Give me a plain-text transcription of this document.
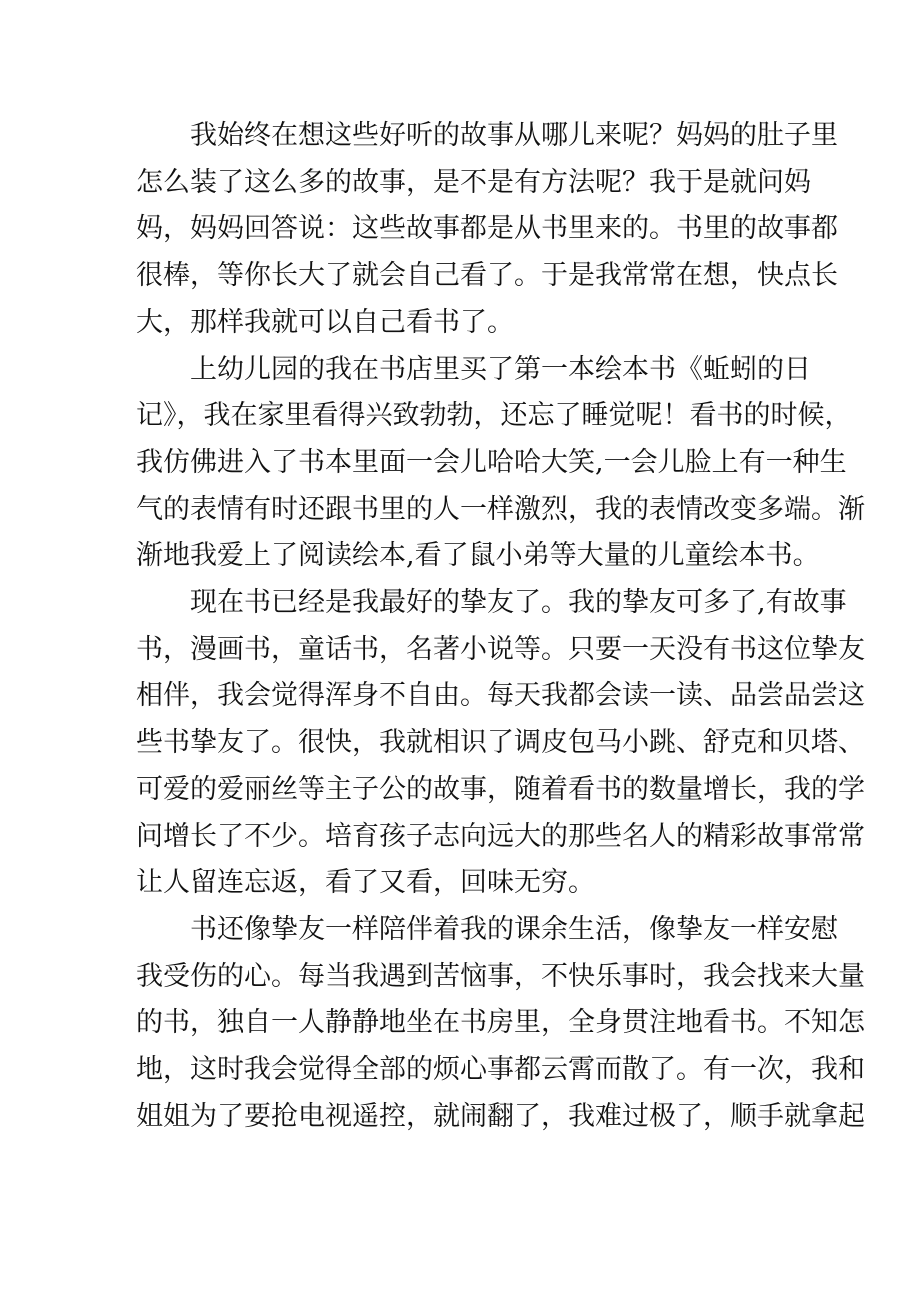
我始终在想这些好听的故事从哪儿来呢？妈妈的肚子里
怎么装了这么多的故事，是不是有方法呢？我于是就问妈
妈，妈妈回答说：这些故事都是从书里来的。书里的故事都
很棒，等你长大了就会自己看了。于是我常常在想，快点长
大，那样我就可以自己看书了。

上幼儿园的我在书店里买了第一本绘本书《蚯蚓的日
记》，我在家里看得兴致勃勃，还忘了睡觉呢！看书的时候，
我仿佛进入了书本里面一会儿哈哈大笑,一会儿脸上有一种生
气的表情有时还跟书里的人一样激烈，我的表情改变多端。渐
渐地我爱上了阅读绘本,看了鼠小弟等大量的儿童绘本书。

现在书已经是我最好的挚友了。我的挚友可多了,有故事
书，漫画书，童话书，名著小说等。只要一天没有书这位挚友
相伴，我会觉得浑身不自由。每天我都会读一读、品尝品尝这
些书挚友了。很快，我就相识了调皮包马小跳、舒克和贝塔、
可爱的爱丽丝等主子公的故事，随着看书的数量增长，我的学
问增长了不少。培育孩子志向远大的那些名人的精彩故事常常
让人留连忘返，看了又看，回味无穷。

书还像挚友一样陪伴着我的课余生活，像挚友一样安慰
我受伤的心。每当我遇到苦恼事，不快乐事时，我会找来大量
的书，独自一人静静地坐在书房里，全身贯注地看书。不知怎
地，这时我会觉得全部的烦心事都云霄而散了。有一次，我和
姐姐为了要抢电视遥控，就闹翻了，我难过极了，顺手就拿起
